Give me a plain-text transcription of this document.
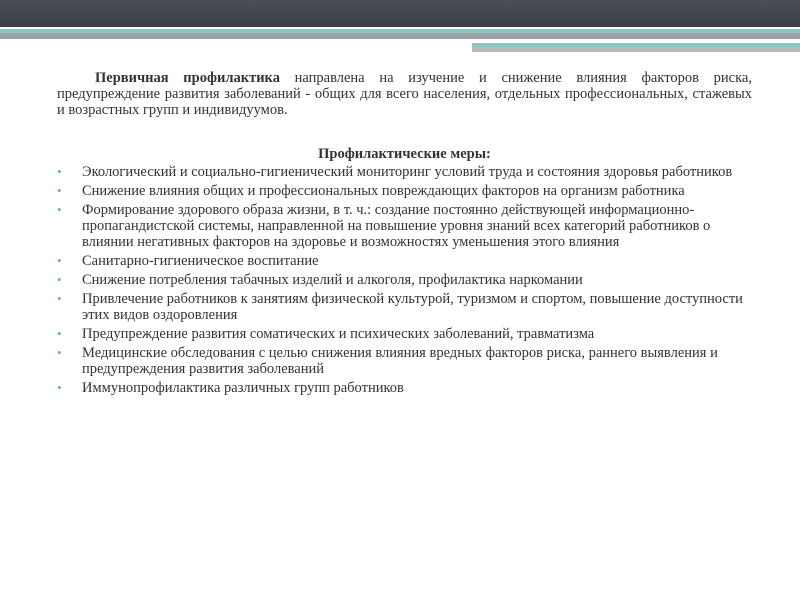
Первичная профилактика направлена на изучение и снижение влияния факторов риска, предупреждение развития заболеваний - общих для всего населения, отдельных профессиональных, стажевых и возрастных групп и индивидуумов.

Профилактические меры:
• Экологический и социально-гигиенический мониторинг условий труда и состояния здоровья работников
• Снижение влияния общих и профессиональных повреждающих факторов на организм работника
• Формирование здорового образа жизни, в т. ч.: создание постоянно действующей информационно-пропагандистской системы, направленной на повышение уровня знаний всех категорий работников о влиянии негативных факторов на здоровье и возможностях уменьшения этого влияния
• Санитарно-гигиеническое воспитание
• Снижение потребления табачных изделий и алкоголя, профилактика наркомании
• Привлечение работников к занятиям физической культурой, туризмом и спортом, повышение доступности этих видов оздоровления
• Предупреждение развития соматических и психических заболеваний, травматизма
• Медицинские обследования с целью снижения влияния вредных факторов риска, раннего выявления и предупреждения развития заболеваний
• Иммунопрофилактика различных групп работников
